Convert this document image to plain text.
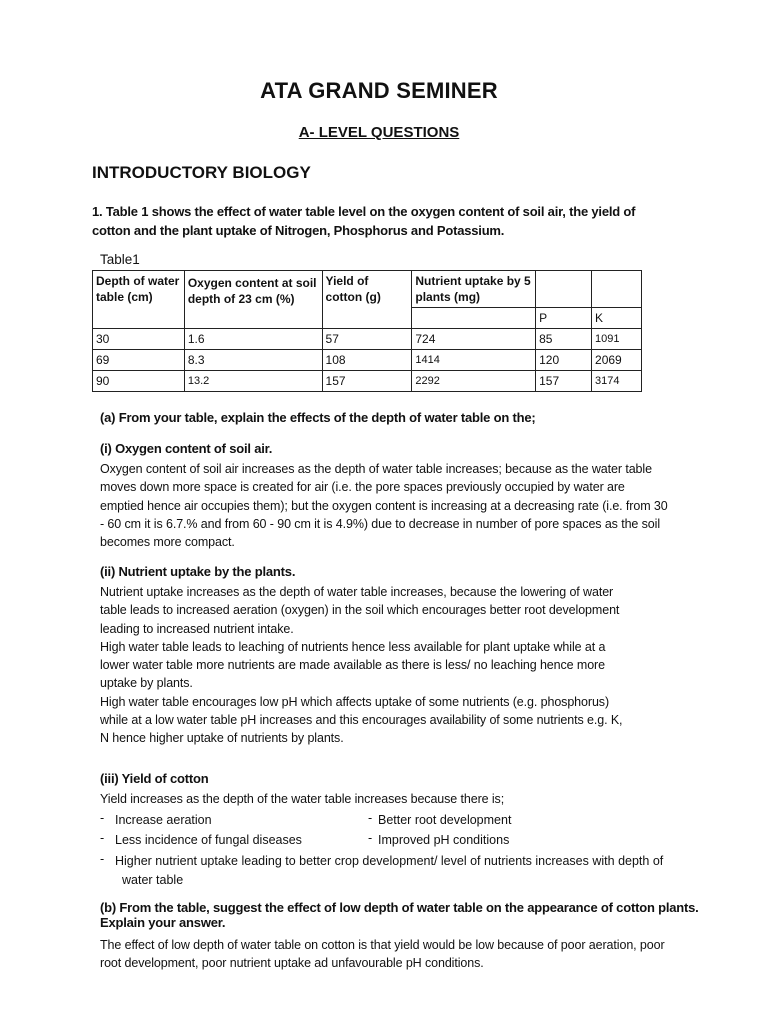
ATA GRAND SEMINER
A- LEVEL QUESTIONS
INTRODUCTORY BIOLOGY
1. Table 1 shows the effect of water table level on the oxygen content of soil air, the yield of cotton and the plant uptake of Nitrogen, Phosphorus and Potassium.
Table1
Depth of water table (cm)	Oxygen content at soil depth of 23 cm (%)	Yield of cotton (g)	Nutrient uptake by 5 plants (mg)		
				P	K
30	1.6	57	724	85	1091
69	8.3	108	1414	120	2069
90	13.2	157	2292	157	3174
(a) From your table, explain the effects of the depth of water table on the;
(i) Oxygen content of soil air.
Oxygen content of soil air increases as the depth of water table increases; because as the water table moves down more space is created for air (i.e. the pore spaces previously occupied by water are emptied hence air occupies them); but the oxygen content is increasing at a decreasing rate (i.e. from 30 - 60 cm it is 6.7.% and from 60 - 90 cm it is 4.9%) due to decrease in number of pore spaces as the soil becomes more compact.
(ii) Nutrient uptake by the plants.
Nutrient uptake increases as the depth of water table increases, because the lowering of water
table leads to increased aeration (oxygen) in the soil which encourages better root development
leading to increased nutrient intake.
High water table leads to leaching of nutrients hence less available for plant uptake while at a
lower water table more nutrients are made available as there is less/ no leaching hence more
uptake by plants.
High water table encourages low pH which affects uptake of some nutrients (e.g. phosphorus)
while at a low water table pH increases and this encourages availability of some nutrients e.g. K,
N hence higher uptake of nutrients by plants.
(iii) Yield of cotton
Yield increases as the depth of the water table increases because there is;
- Increase aeration	- Better root development
- Less incidence of fungal diseases	- Improved pH conditions
- Higher nutrient uptake leading to better crop development/ level of nutrients increases with depth of
water table
(b) From the table, suggest the effect of low depth of water table on the appearance of cotton plants.
Explain your answer.
The effect of low depth of water table on cotton is that yield would be low because of poor aeration, poor
root development, poor nutrient uptake ad unfavourable pH conditions.
